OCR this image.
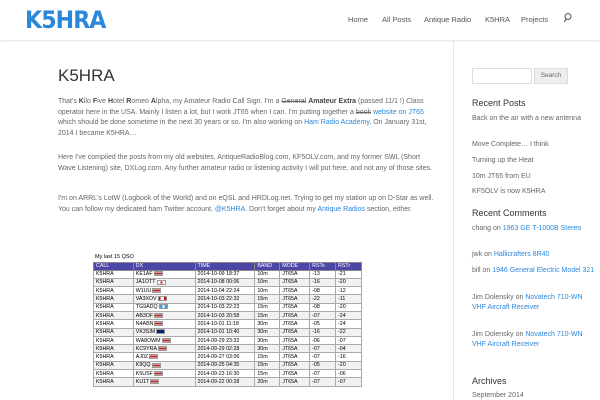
K5HRA	Home All Posts Antique Radio K5HRA Projects
K5HRA
That's Kilo Five Hotel Romeo Alpha, my Amateur Radio Call Sign. I'm a General Amateur Extra (passed 11/1 !) Class operator here in the USA. Mainly I listen a lot, but I work JT65 when I can. I'm putting together a book website on JT65 which should be done sometime in the next 30 years or so. I'm also working on Ham Radio Academy. On January 31st, 2014 I became K5HRA…
Here I've compiled the posts from my old websites, AntiqueRadioBlog.com, KF5OLV.com, and my former SWL (Short Wave Listening) site, DXLog.com. Any further amateur radio or listening activity I will put here, and not any of those sites.
I'm on ARRL's LotW (Logbook of the World) and on eQSL and HRDLog.net. Trying to get my station up on D-Star as well. You can follow my dedicated ham Twitter account, @K5HRA. Don't forget about my Antique Radios section, either.
My last 15 QSO
CALL	DX	TIME	BAND	MODE	RSTs	RSTr
K5HRA	KE1AF	2014-10-09 18:37	10m	JT65A	-13	-21
K5HRA	JA1OTT	2014-10-08 00:06	10m	JT65A	-16	-20
K5HRA	W1UU	2014-10-04 22:24	10m	JT65A	-08	-12
K5HRA	VA3XOV	2014-10-03 22:32	15m	JT65A	-22	-11
K5HRA	TG9ADQ	2014-10-03 22:23	15m	JT65A	-08	-20
K5HRA	AB3OF	2014-10-03 20:58	15m	JT65A	-07	-24
K5HRA	N4ABN	2014-10-01 11:18	30m	JT65A	-05	-24
K5HRA	VK3SIM	2014-10-01 10:40	30m	JT65A	-16	-22
K5HRA	WA8OWM	2014-09-29 23:32	30m	JT65A	-06	-07
K5HRA	KC9YRA	2014-09-29 02:28	30m	JT65A	-07	-04
K5HRA	AJ0Z	2014-09-27 03:06	15m	JT65A	-07	-16
K5HRA	K9QQ	2014-09-25 04:35	15m	JT65A	-05	-20
K5HRA	K5USF	2014-09-23 16:30	15m	JT65A	-07	-06
K5HRA	KU1T	2014-09-22 00:28	20m	JT65A	-07	-07
Search
Recent Posts
Back on the air with a new antenna
Move Complete… I think
Turning up the Heat
10m JT65 from EU
KF5OLV is now K5HRA
Recent Comments
chang on 1963 GE T-1000B Stereo
jwk on Hallicrafters 8R40
bill on 1946 General Electric Model 321
Jim Dolensky on Novatech 710-WN VHF Aircraft Receiver
Jim Dolensky on Novatech 710-WN VHF Aircraft Receiver
Archives
September 2014
